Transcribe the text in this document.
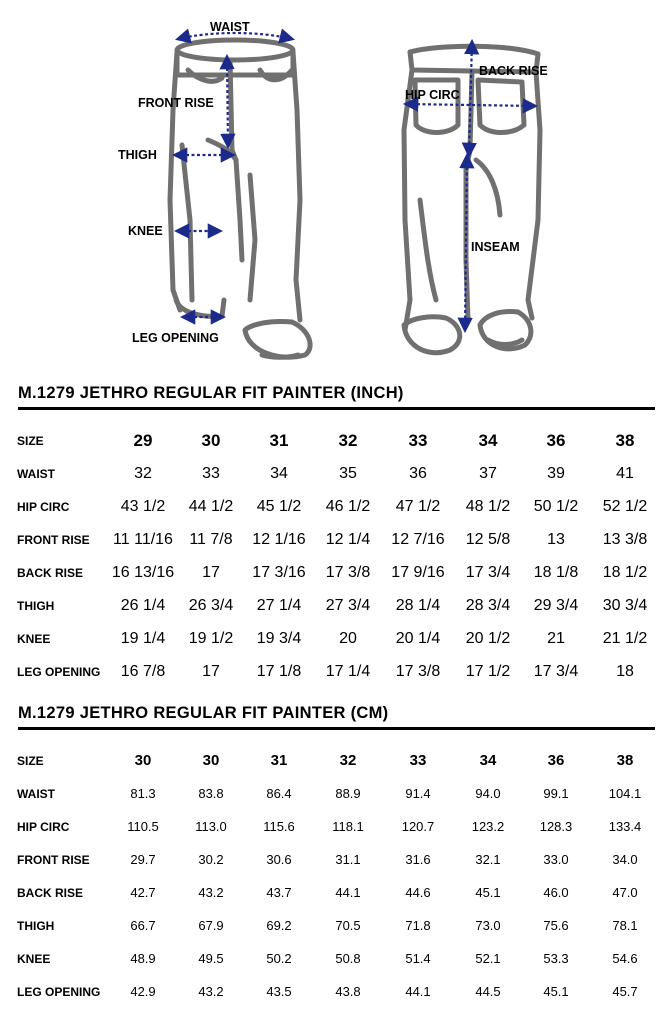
WAIST
FRONT RISE
THIGH
KNEE
LEG OPENING
BACK RISE
HIP CIRC
INSEAM
M.1279 JETHRO REGULAR FIT PAINTER (INCH)
SIZE	29	30	31	32	33	34	36	38
WAIST	32	33	34	35	36	37	39	41
HIP CIRC	43 1/2	44 1/2	45 1/2	46 1/2	47 1/2	48 1/2	50 1/2	52 1/2
FRONT RISE	11 11/16	11 7/8	12 1/16	12 1/4	12 7/16	12 5/8	13	13 3/8
BACK RISE	16 13/16	17	17 3/16	17 3/8	17 9/16	17 3/4	18 1/8	18 1/2
THIGH	26 1/4	26 3/4	27 1/4	27 3/4	28 1/4	28 3/4	29 3/4	30 3/4
KNEE	19 1/4	19 1/2	19 3/4	20	20 1/4	20 1/2	21	21 1/2
LEG OPENING	16 7/8	17	17 1/8	17 1/4	17 3/8	17 1/2	17 3/4	18
M.1279 JETHRO REGULAR FIT PAINTER (CM)
SIZE	30	30	31	32	33	34	36	38
WAIST	81.3	83.8	86.4	88.9	91.4	94.0	99.1	104.1
HIP CIRC	110.5	113.0	115.6	118.1	120.7	123.2	128.3	133.4
FRONT RISE	29.7	30.2	30.6	31.1	31.6	32.1	33.0	34.0
BACK RISE	42.7	43.2	43.7	44.1	44.6	45.1	46.0	47.0
THIGH	66.7	67.9	69.2	70.5	71.8	73.0	75.6	78.1
KNEE	48.9	49.5	50.2	50.8	51.4	52.1	53.3	54.6
LEG OPENING	42.9	43.2	43.5	43.8	44.1	44.5	45.1	45.7
